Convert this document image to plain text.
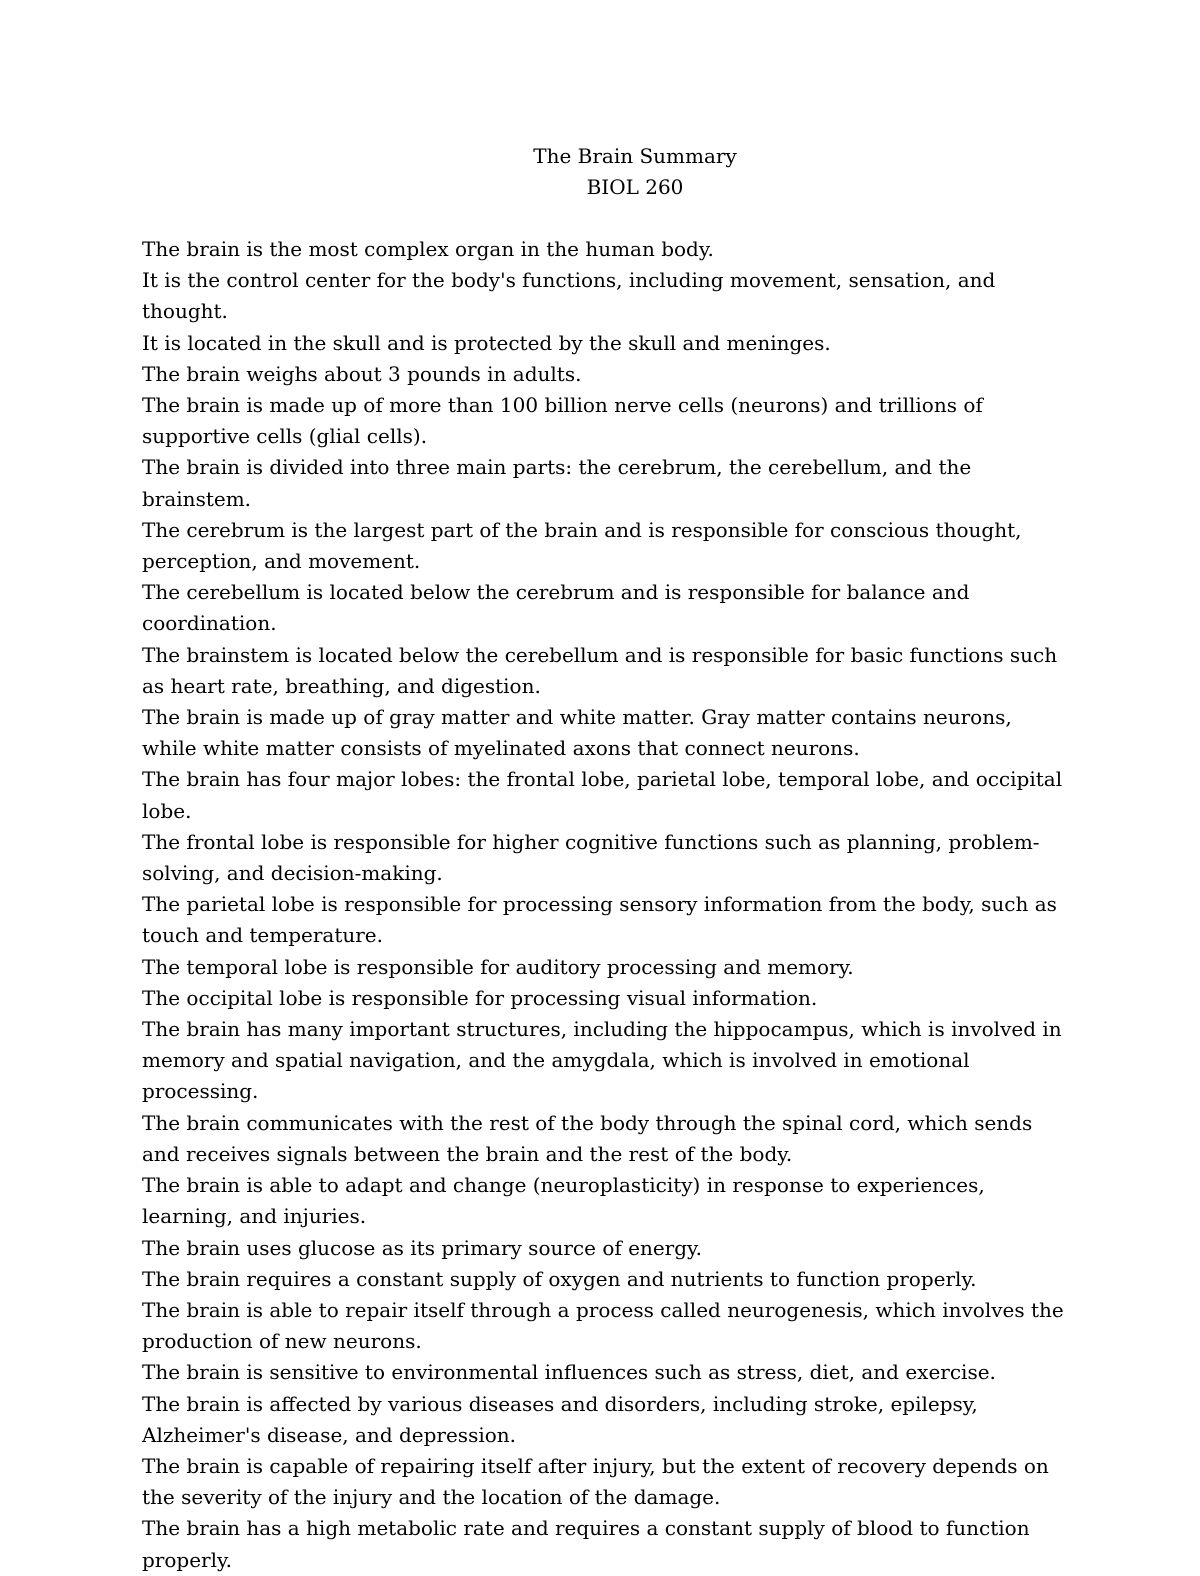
The Brain Summary
BIOL 260

The brain is the most complex organ in the human body.

It is the control center for the body's functions, including movement, sensation, and thought.

It is located in the skull and is protected by the skull and meninges.

The brain weighs about 3 pounds in adults.

The brain is made up of more than 100 billion nerve cells (neurons) and trillions of supportive cells (glial cells).

The brain is divided into three main parts: the cerebrum, the cerebellum, and the brainstem.

The cerebrum is the largest part of the brain and is responsible for conscious thought, perception, and movement.

The cerebellum is located below the cerebrum and is responsible for balance and coordination.

The brainstem is located below the cerebellum and is responsible for basic functions such as heart rate, breathing, and digestion.

The brain is made up of gray matter and white matter. Gray matter contains neurons, while white matter consists of myelinated axons that connect neurons.

The brain has four major lobes: the frontal lobe, parietal lobe, temporal lobe, and occipital lobe.

The frontal lobe is responsible for higher cognitive functions such as planning, problem-solving, and decision-making.

The parietal lobe is responsible for processing sensory information from the body, such as touch and temperature.

The temporal lobe is responsible for auditory processing and memory.

The occipital lobe is responsible for processing visual information.

The brain has many important structures, including the hippocampus, which is involved in memory and spatial navigation, and the amygdala, which is involved in emotional processing.

The brain communicates with the rest of the body through the spinal cord, which sends and receives signals between the brain and the rest of the body.

The brain is able to adapt and change (neuroplasticity) in response to experiences, learning, and injuries.

The brain uses glucose as its primary source of energy.

The brain requires a constant supply of oxygen and nutrients to function properly.

The brain is able to repair itself through a process called neurogenesis, which involves the production of new neurons.

The brain is sensitive to environmental influences such as stress, diet, and exercise.

The brain is affected by various diseases and disorders, including stroke, epilepsy, Alzheimer's disease, and depression.

The brain is capable of repairing itself after injury, but the extent of recovery depends on the severity of the injury and the location of the damage.

The brain has a high metabolic rate and requires a constant supply of blood to function properly.
